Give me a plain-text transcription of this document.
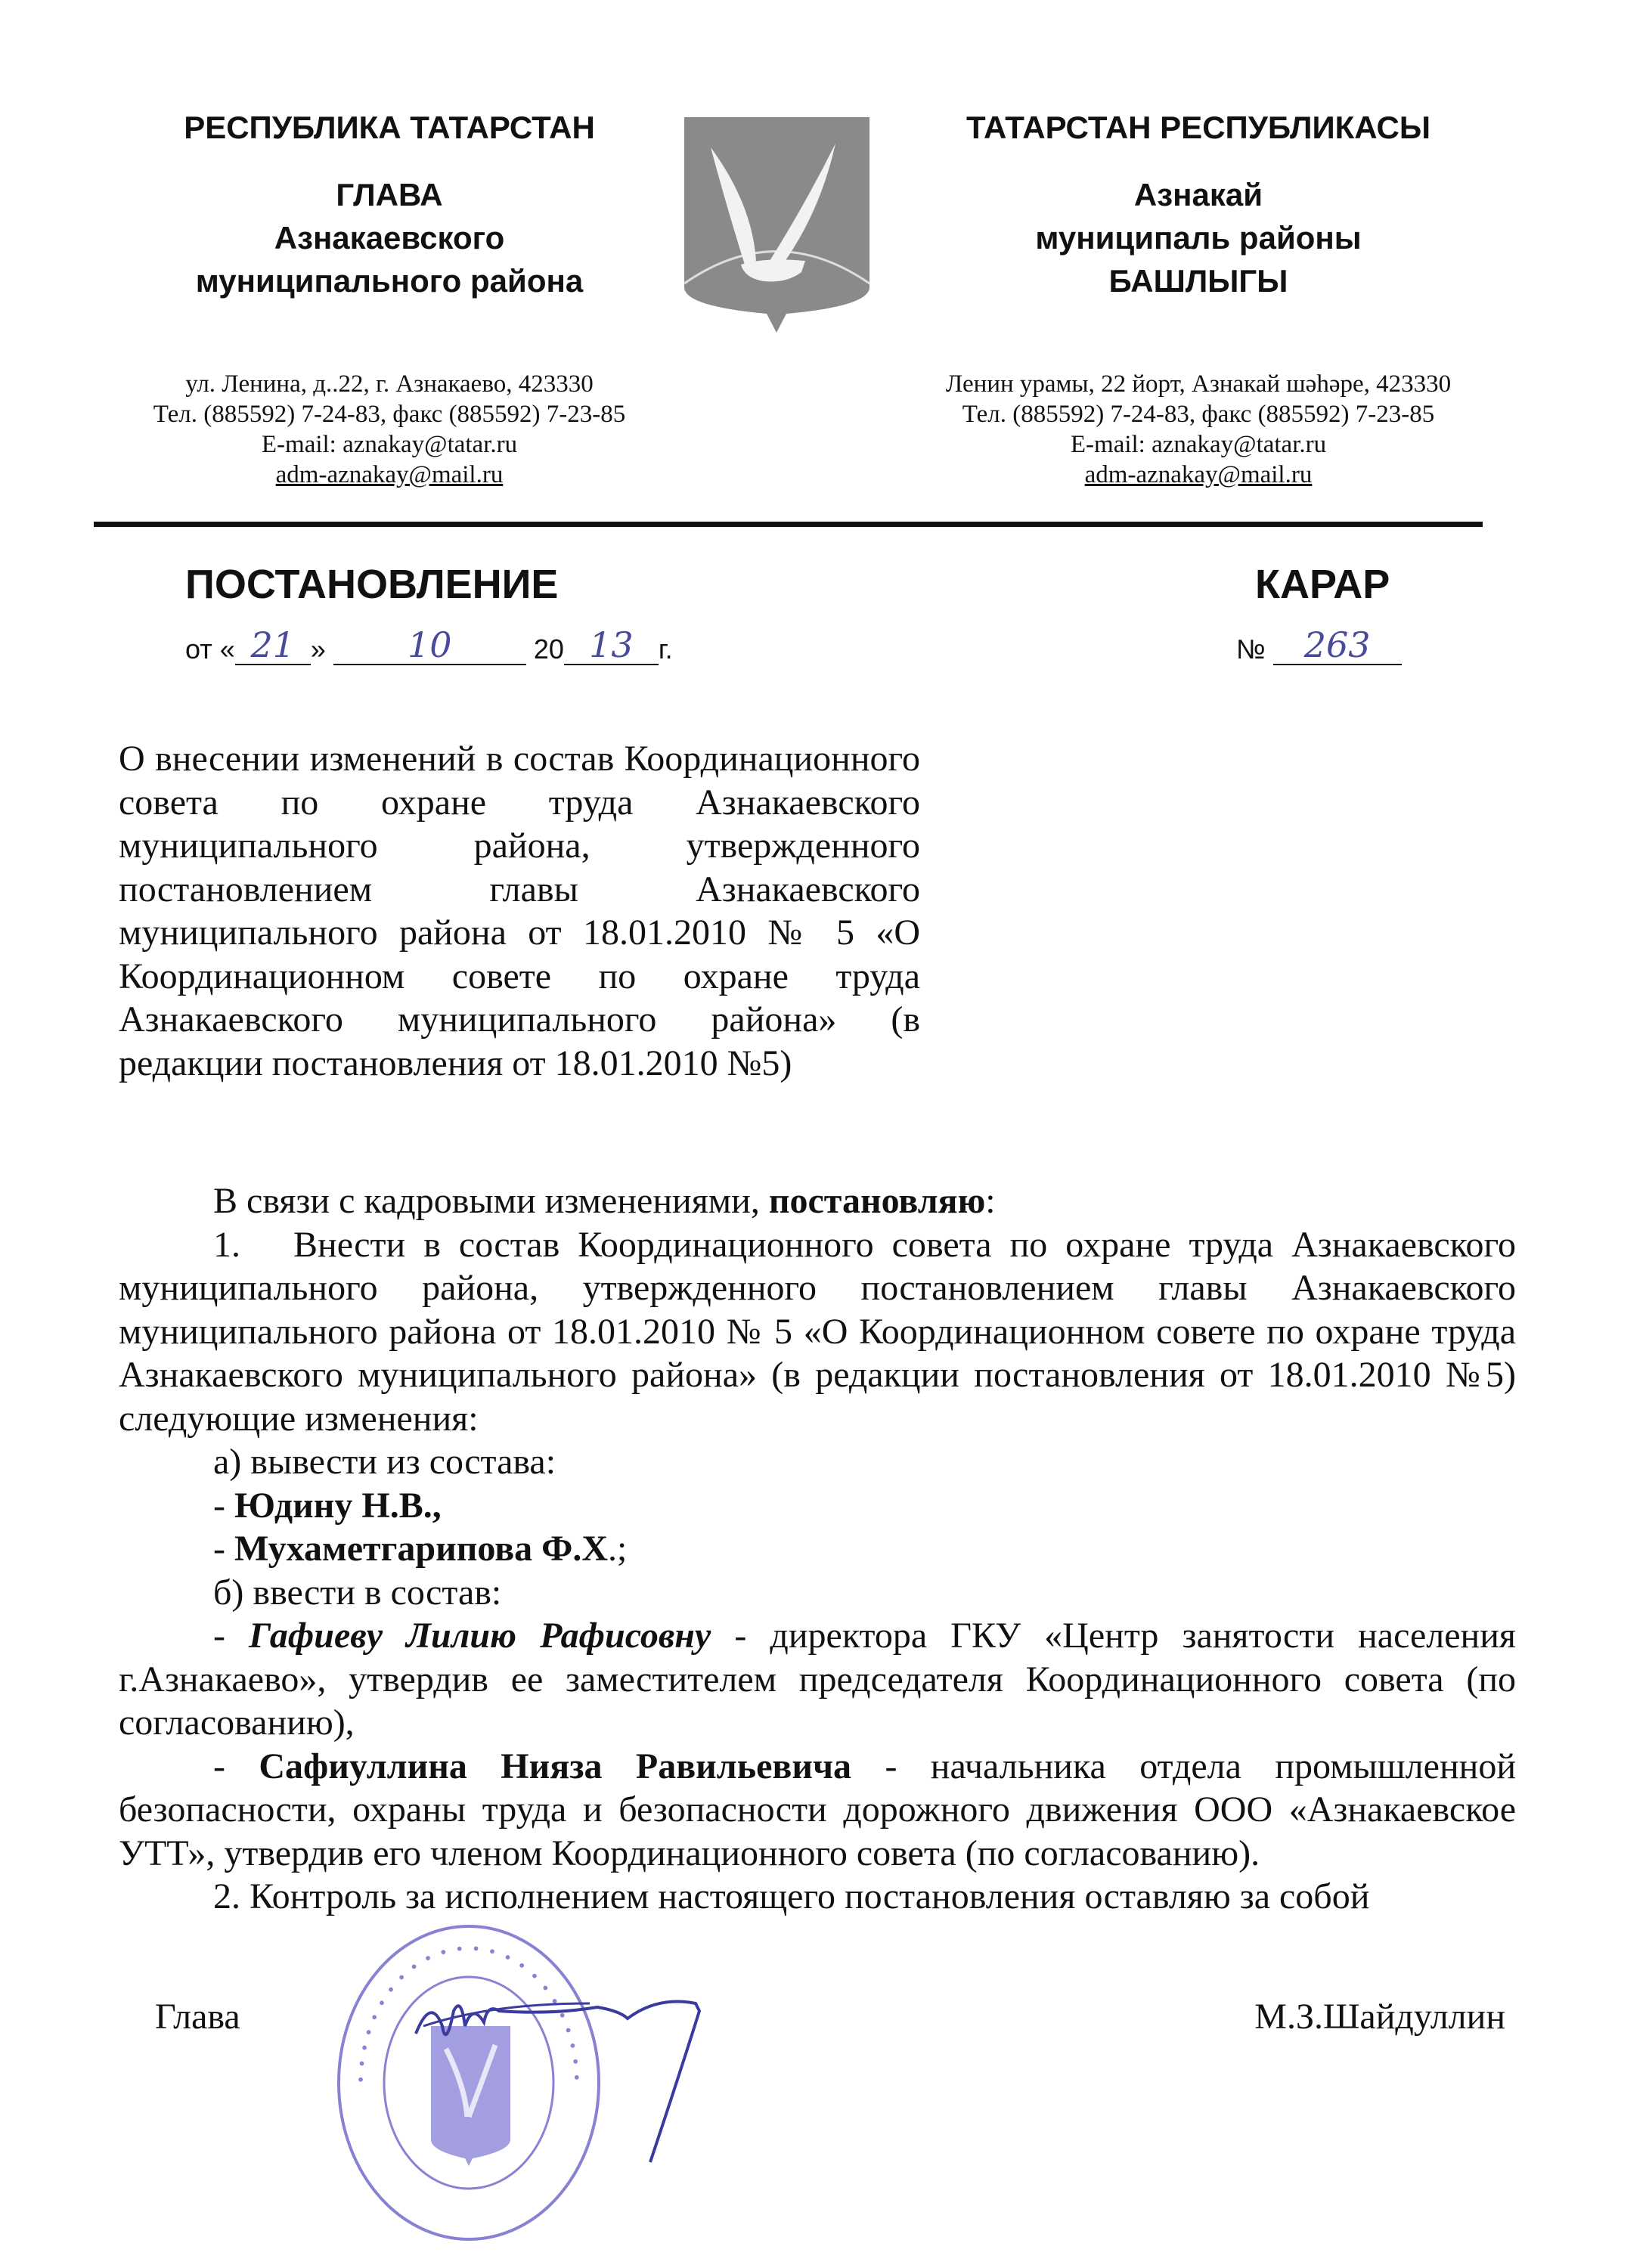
РЕСПУБЛИКА ТАТАРСТАН
ГЛАВА
Азнакаевского
муниципального района
ул. Ленина, д..22, г. Азнакаево, 423330
Тел. (885592) 7-24-83, факс (885592) 7-23-85
E-mail: aznakay@tatar.ru
adm-aznakay@mail.ru
ТАТАРСТАН РЕСПУБЛИКАСЫ
Азнакай
муниципаль районы
БАШЛЫГЫ
Ленин урамы, 22 йорт, Азнакай шәһәре, 423330
Тел. (885592) 7-24-83, факс (885592) 7-23-85
E-mail: aznakay@tatar.ru
adm-aznakay@mail.ru
ПОСТАНОВЛЕНИЕ	КАРАР
от « 21 »	10	20 13 г.	№	263
О внесении изменений в состав Координационного совета по охране труда Азнакаевского муниципального района, утвержденного постановлением главы Азнакаевского муниципального района от 18.01.2010 № 5 «О Координационном совете по охране труда Азнакаевского муниципального района» (в редакции постановления от 18.01.2010 №5)

В связи с кадровыми изменениями, постановляю:

1. Внести в состав Координационного совета по охране труда Азнакаевского муниципального района, утвержденного постановлением главы Азнакаевского муниципального района от 18.01.2010 № 5 «О Координационном совете по охране труда Азнакаевского муниципального района» (в редакции постановления от 18.01.2010 №5) следующие изменения:

а) вывести из состава:

- Юдину Н.В.,

- Мухаметгарипова Ф.Х.;

б) ввести в состав:

- Гафиеву Лилию Рафисовну - директора ГКУ «Центр занятости населения г.Азнакаево», утвердив ее заместителем председателя Координационного совета (по согласованию),

- Сафиуллина Нияза Равильевича - начальника отдела промышленной безопасности, охраны труда и безопасности дорожного движения ООО «Азнакаевское УТТ», утвердив его членом Координационного совета (по согласованию).

2. Контроль за исполнением настоящего постановления оставляю за собой

Глава	М.З.Шайдуллин
• • • • • • • • • • • • • • • • • • • • • • • •
